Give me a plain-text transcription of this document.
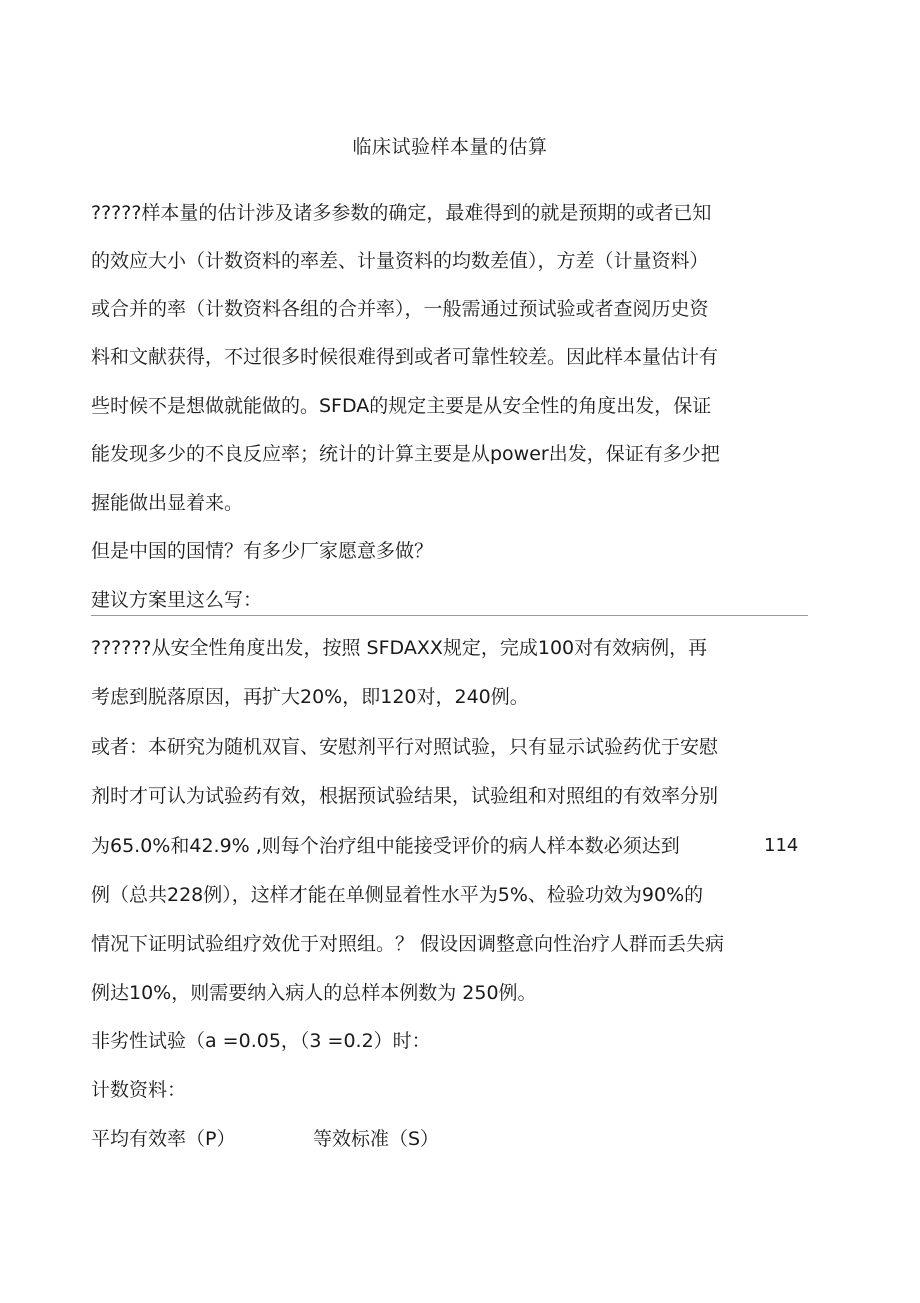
临床试验样本量的估算
?????样本量的估计涉及诸多参数的确定，最难得到的就是预期的或者已知
的效应大小（计数资料的率差、计量资料的均数差值），方差（计量资料）
或合并的率（计数资料各组的合并率），一般需通过预试验或者查阅历史资
料和文献获得，不过很多时候很难得到或者可靠性较差。因此样本量估计有
些时候不是想做就能做的。SFDA的规定主要是从安全性的角度出发，保证
能发现多少的不良反应率；统计的计算主要是从power出发，保证有多少把
握能做出显着来。
但是中国的国情？有多少厂家愿意多做？
建议方案里这么写：
??????从安全性角度出发，按照 SFDAXX规定，完成100对有效病例，再
考虑到脱落原因，再扩大20%，即120对，240例。
或者：本研究为随机双盲、安慰剂平行对照试验，只有显示试验药优于安慰
剂时才可认为试验药有效，根据预试验结果，试验组和对照组的有效率分别
为65.0%和42.9% ,则每个治疗组中能接受评价的病人样本数必须达到	114
例（总共228例），这样才能在单侧显着性水平为5%、检验功效为90%的
情况下证明试验组疗效优于对照组。？ 假设因调整意向性治疗人群而丢失病
例达10%，则需要纳入病人的总样本例数为 250例。
非劣性试验（a =0.05，（3 =0.2）时：
计数资料：
平均有效率（P）	等效标准（S）
